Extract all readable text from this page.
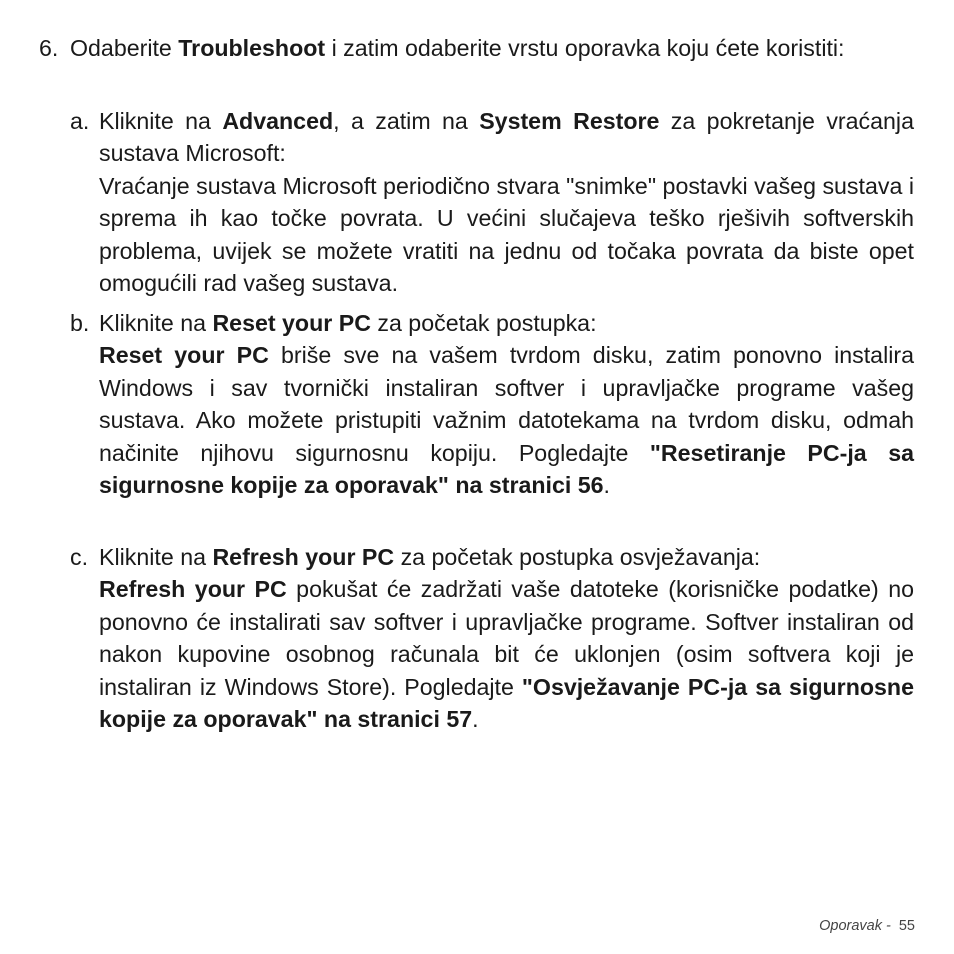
6. Odaberite Troubleshoot i zatim odaberite vrstu oporavka koju ćete koristiti:
a. Kliknite na Advanced, a zatim na System Restore za pokretanje vraćanja sustava Microsoft:

Vraćanje sustava Microsoft periodično stvara "snimke" postavki vašeg sustava i sprema ih kao točke povrata. U većini slučajeva teško rješivih softverskih problema, uvijek se možete vratiti na jednu od točaka povrata da biste opet omogućili rad vašeg sustava.

b. Kliknite na Reset your PC za početak postupka:

Reset your PC briše sve na vašem tvrdom disku, zatim ponovno instalira Windows i sav tvornički instaliran softver i upravljačke programe vašeg sustava. Ako možete pristupiti važnim datotekama na tvrdom disku, odmah načinite njihovu sigurnosnu kopiju. Pogledajte "Resetiranje PC-ja sa sigurnosne kopije za oporavak" na stranici 56.

c. Kliknite na Refresh your PC za početak postupka osvježavanja:

Refresh your PC pokušat će zadržati vaše datoteke (korisničke podatke) no ponovno će instalirati sav softver i upravljačke programe. Softver instaliran od nakon kupovine osobnog računala bit će uklonjen (osim softvera koji je instaliran iz Windows Store). Pogledajte "Osvježavanje PC-ja sa sigurnosne kopije za oporavak" na stranici 57.

Oporavak - 55
